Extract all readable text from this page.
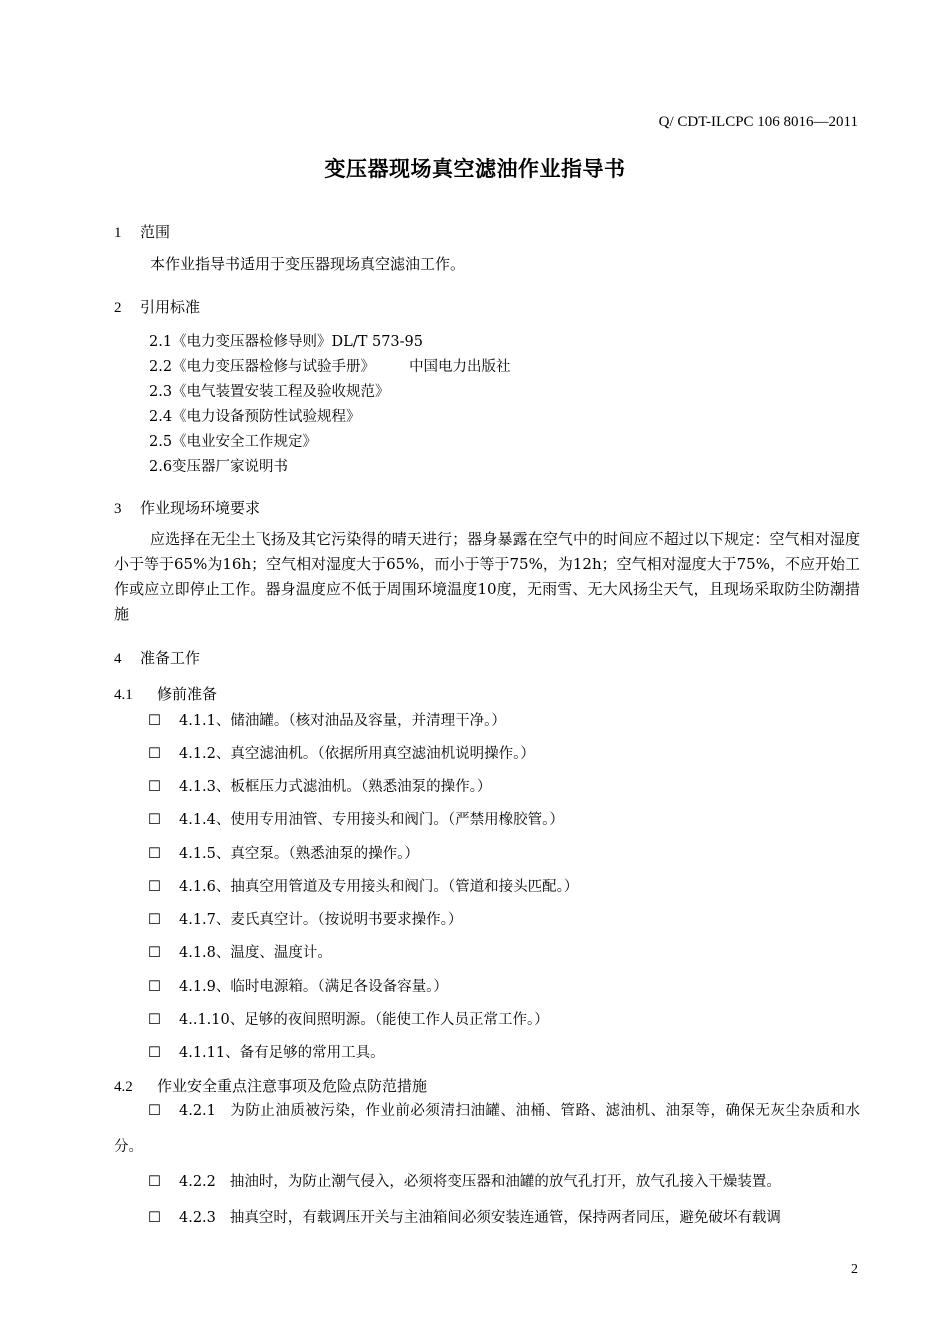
Q/ CDT-ILCPC 106 8016—2011
变压器现场真空滤油作业指导书
1 范围
本作业指导书适用于变压器现场真空滤油工作。
2 引用标准
2.1《电力变压器检修导则》DL/T 573-95
2.2《电力变压器检修与试验手册》 中国电力出版社
2.3《电气装置安装工程及验收规范》
2.4《电力设备预防性试验规程》
2.5《电业安全工作规定》
2.6变压器厂家说明书
3 作业现场环境要求
应选择在无尘土飞扬及其它污染得的晴天进行；器身暴露在空气中的时间应不超过以下规定：空气相对湿度小于等于65%为16h；空气相对湿度大于65%，而小于等于75%，为12h；空气相对湿度大于75%，不应开始工作或应立即停止工作。器身温度应不低于周围环境温度10度，无雨雪、无大风扬尘天气，且现场采取防尘防潮措施
4 准备工作
4.1 修前准备
☐ 4.1.1、储油罐。（核对油品及容量，并清理干净。）
☐ 4.1.2、真空滤油机。（依据所用真空滤油机说明操作。）
☐ 4.1.3、板框压力式滤油机。（熟悉油泵的操作。）
☐ 4.1.4、使用专用油管、专用接头和阀门。（严禁用橡胶管。）
☐ 4.1.5、真空泵。（熟悉油泵的操作。）
☐ 4.1.6、抽真空用管道及专用接头和阀门。（管道和接头匹配。）
☐ 4.1.7、麦氏真空计。（按说明书要求操作。）
☐ 4.1.8、温度、温度计。
☐ 4.1.9、临时电源箱。（满足各设备容量。）
☐ 4..1.10、足够的夜间照明源。（能使工作人员正常工作。）
☐ 4.1.11、备有足够的常用工具。
4.2 作业安全重点注意事项及危险点防范措施
☐ 4.2.1 为防止油质被污染，作业前必须清扫油罐、油桶、管路、滤油机、油泵等，确保无灰尘杂质和水分。
☐ 4.2.2 抽油时，为防止潮气侵入，必须将变压器和油罐的放气孔打开，放气孔接入干燥装置。
☐ 4.2.3 抽真空时，有载调压开关与主油箱间必须安装连通管，保持两者同压，避免破坏有载调
2
